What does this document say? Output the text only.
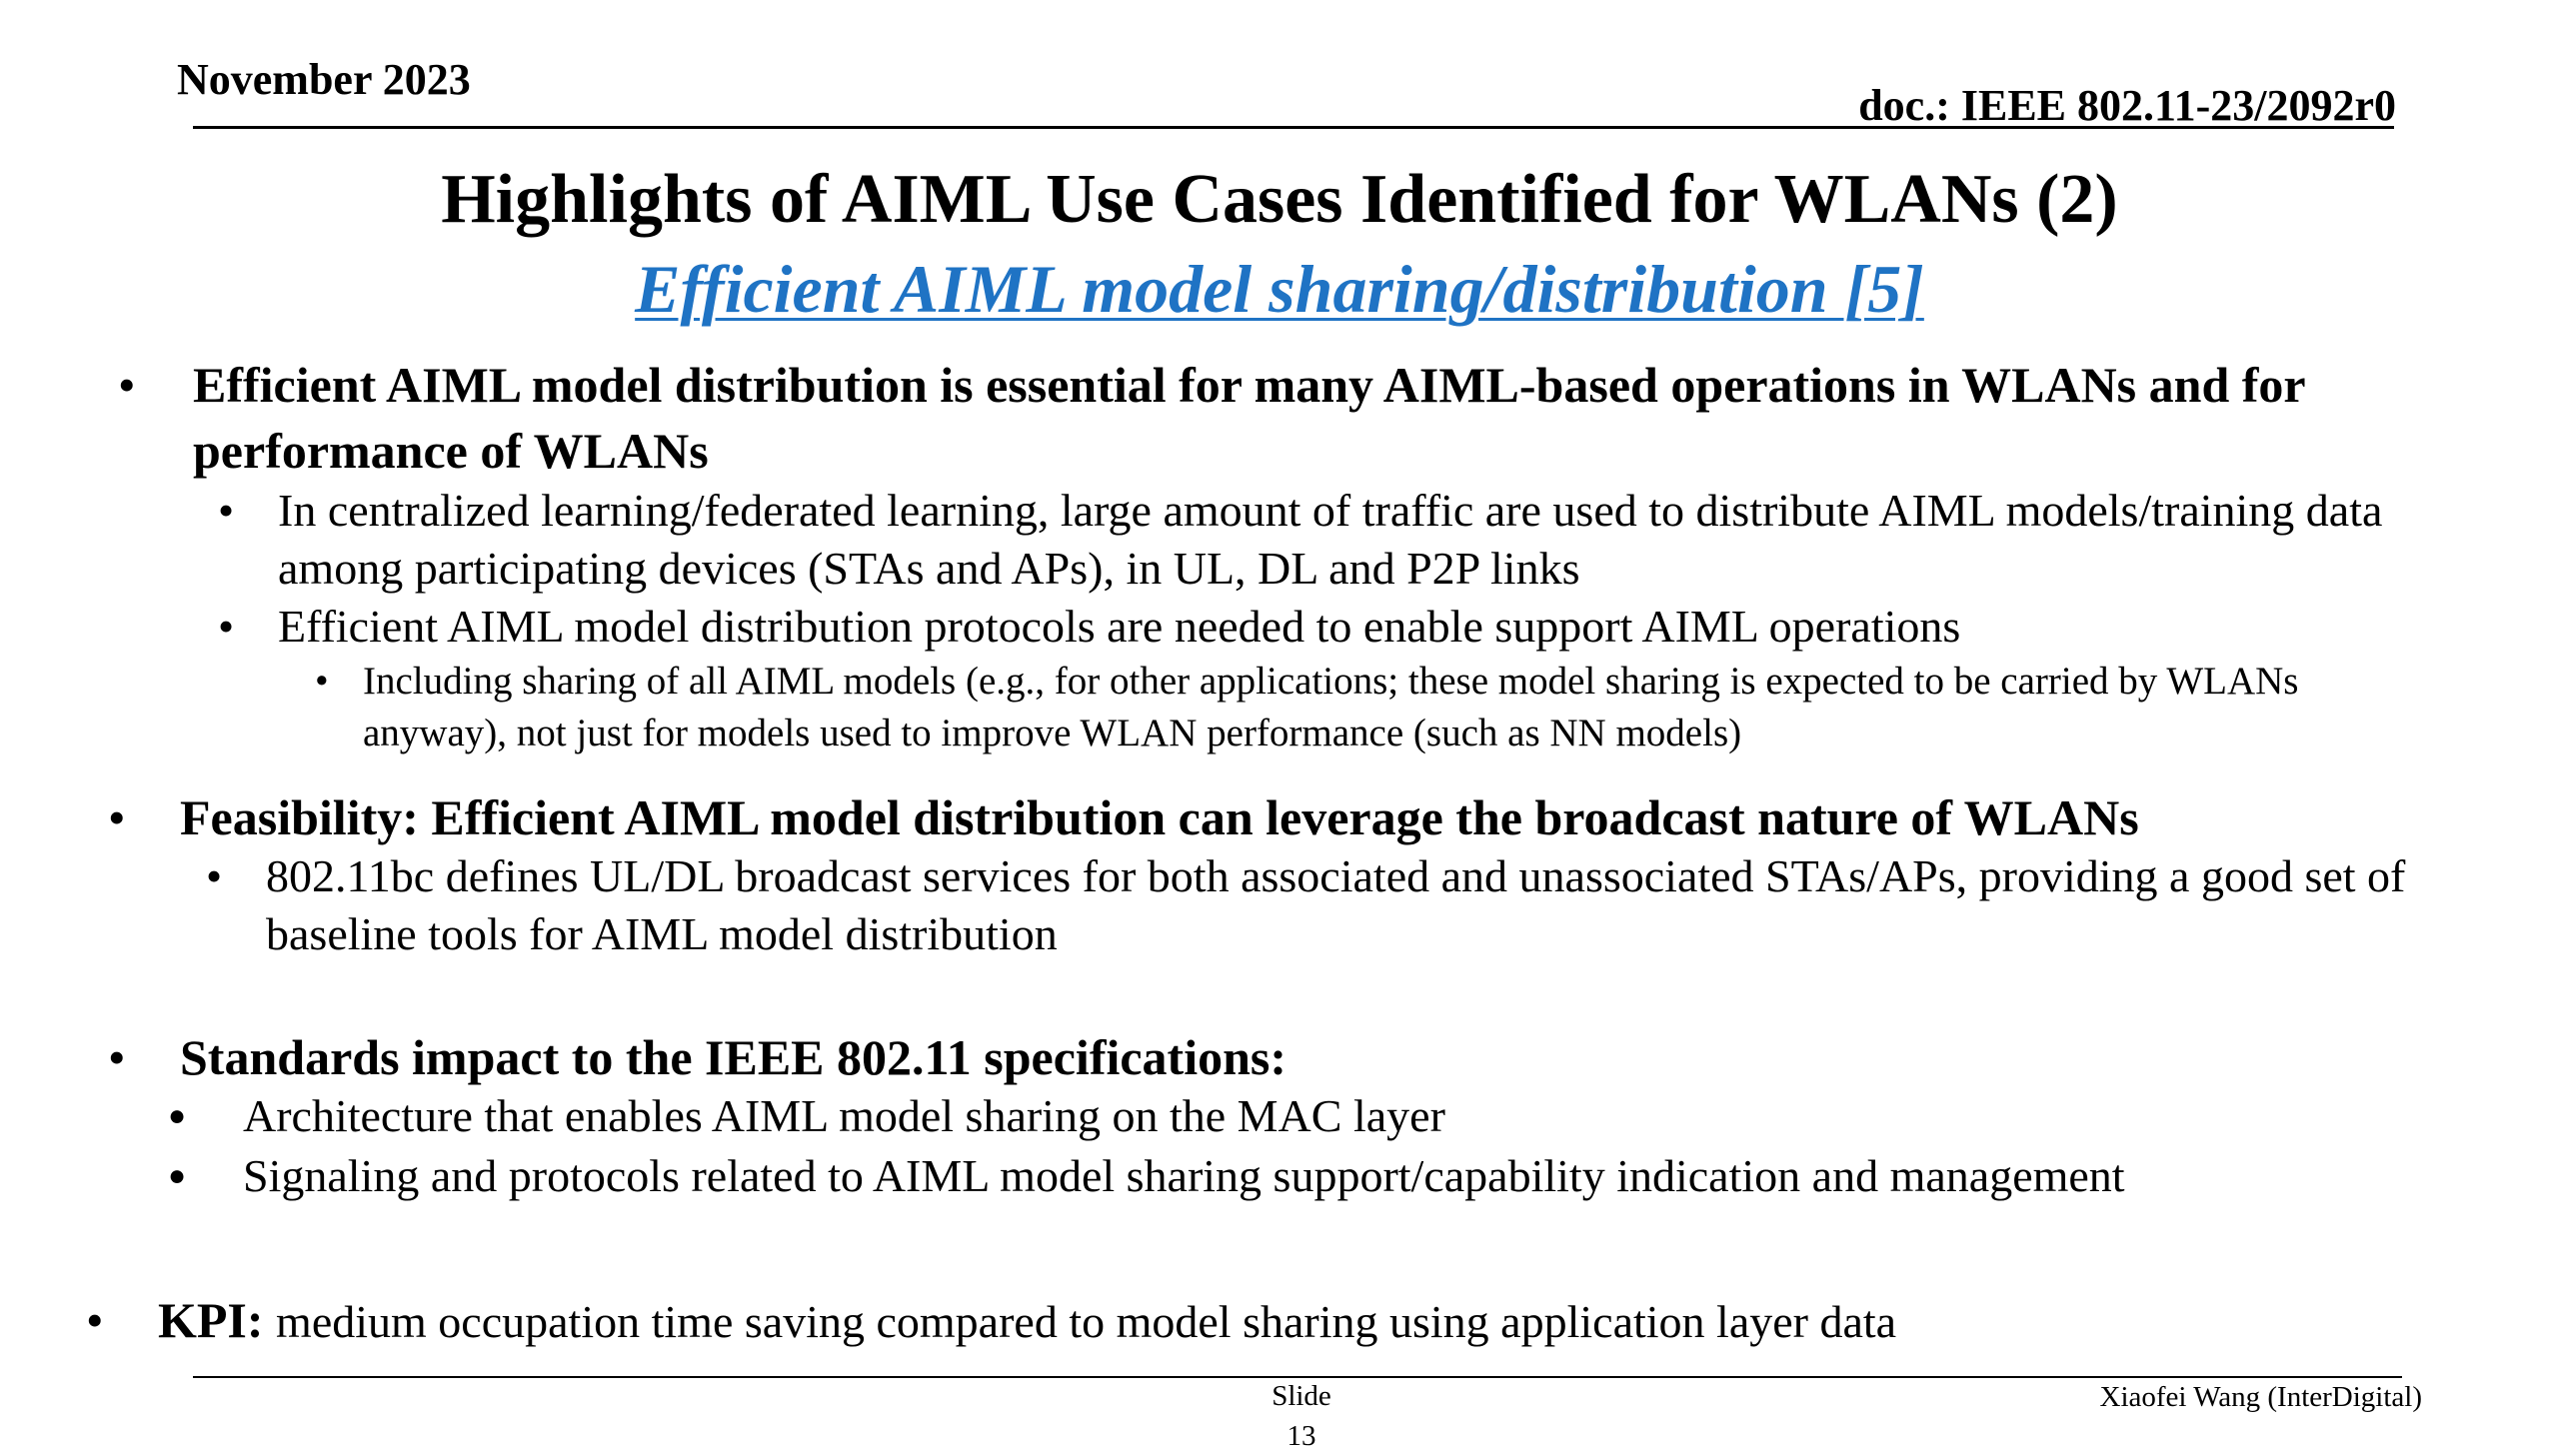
November 2023
doc.: IEEE 802.11-23/2092r0
Highlights of AIML Use Cases Identified for WLANs (2)
Efficient AIML model sharing/distribution [5]
• Efficient AIML model distribution is essential for many AIML-based operations in WLANs and for performance of WLANs
• In centralized learning/federated learning, large amount of traffic are used to distribute AIML models/training data among participating devices (STAs and APs), in UL, DL and P2P links
• Efficient AIML model distribution protocols are needed to enable support AIML operations
• Including sharing of all AIML models (e.g., for other applications; these model sharing is expected to be carried by WLANs anyway), not just for models used to improve WLAN performance (such as NN models)
• Feasibility: Efficient AIML model distribution can leverage the broadcast nature of WLANs
• 802.11bc defines UL/DL broadcast services for both associated and unassociated STAs/APs, providing a good set of baseline tools for AIML model distribution
• Standards impact to the IEEE 802.11 specifications:
● Architecture that enables AIML model sharing on the MAC layer
● Signaling and protocols related to AIML model sharing support/capability indication and management
• KPI: medium occupation time saving compared to model sharing using application layer data
Slide
13
Xiaofei Wang (InterDigital)
